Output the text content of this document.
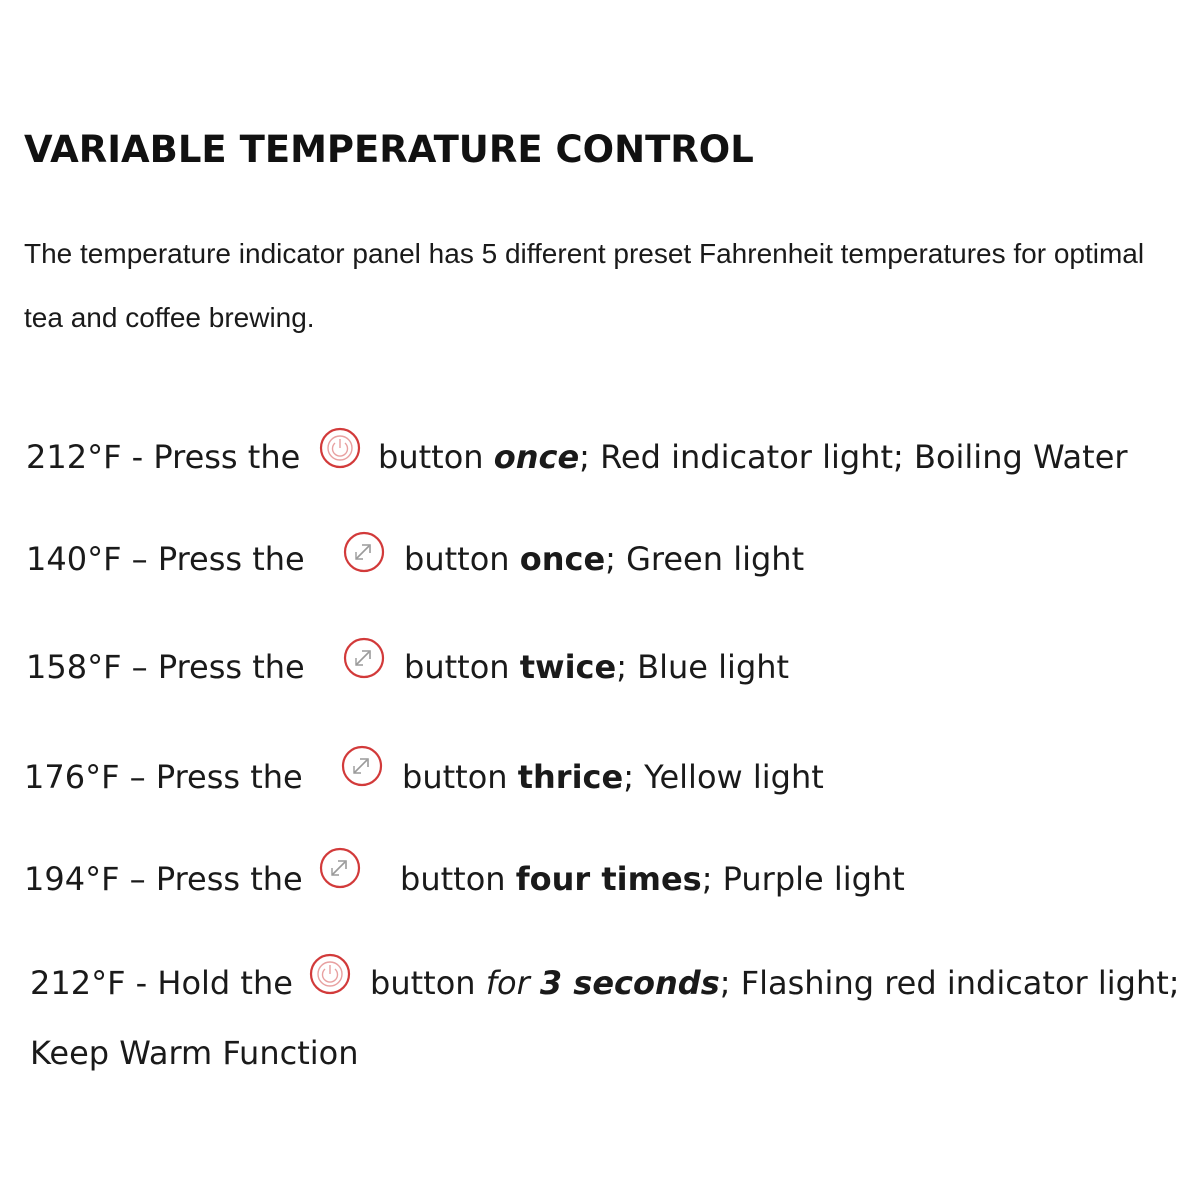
VARIABLE TEMPERATURE CONTROL
The temperature indicator panel has 5 different preset Fahrenheit temperatures for optimal
tea and coffee brewing.
212°F - Press the button once; Red indicator light; Boiling Water
140°F – Press the	button once; Green light
158°F – Press the	button twice; Blue light
176°F – Press the	button thrice; Yellow light
194°F – Press the	button four times; Purple light
212°F - Hold the button for 3 seconds; Flashing red indicator light;
Keep Warm Function
